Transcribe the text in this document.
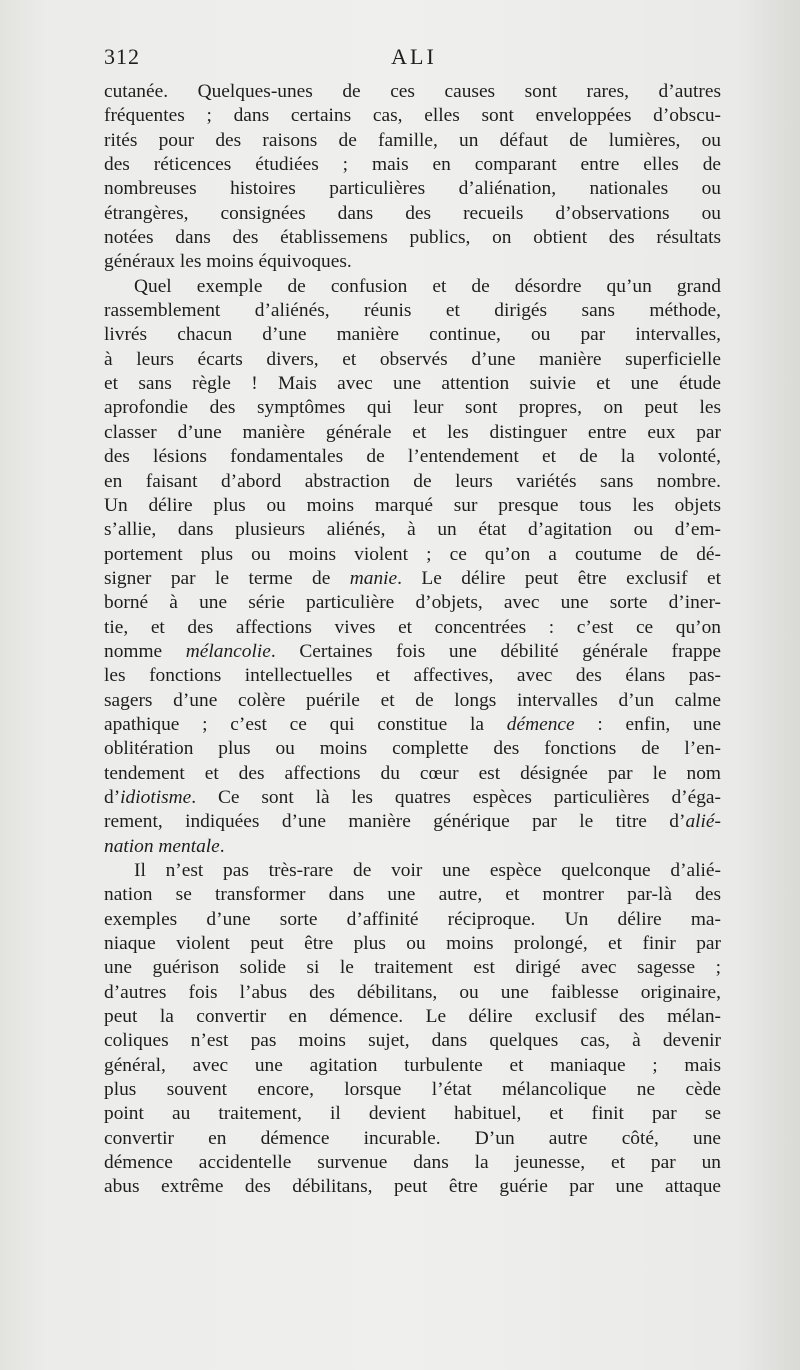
312	ALI
cutanée. Quelques-unes de ces causes sont rares, d’autres
fréquentes ; dans certains cas, elles sont enveloppées d’obscu-
rités pour des raisons de famille, un défaut de lumières, ou
des réticences étudiées ; mais en comparant entre elles de
nombreuses histoires particulières d’aliénation, nationales ou
étrangères, consignées dans des recueils d’observations ou
notées dans des établissemens publics, on obtient des résultats
généraux les moins équivoques.
Quel exemple de confusion et de désordre qu’un grand
rassemblement d’aliénés, réunis et dirigés sans méthode,
livrés chacun d’une manière continue, ou par intervalles,
à leurs écarts divers, et observés d’une manière superficielle
et sans règle ! Mais avec une attention suivie et une étude
aprofondie des symptômes qui leur sont propres, on peut les
classer d’une manière générale et les distinguer entre eux par
des lésions fondamentales de l’entendement et de la volonté,
en faisant d’abord abstraction de leurs variétés sans nombre.
Un délire plus ou moins marqué sur presque tous les objets
s’allie, dans plusieurs aliénés, à un état d’agitation ou d’em-
portement plus ou moins violent ; ce qu’on a coutume de dé-
signer par le terme de manie. Le délire peut être exclusif et
borné à une série particulière d’objets, avec une sorte d’iner-
tie, et des affections vives et concentrées : c’est ce qu’on
nomme mélancolie. Certaines fois une débilité générale frappe
les fonctions intellectuelles et affectives, avec des élans pas-
sagers d’une colère puérile et de longs intervalles d’un calme
apathique ; c’est ce qui constitue la démence : enfin, une
oblitération plus ou moins complette des fonctions de l’en-
tendement et des affections du cœur est désignée par le nom
d’idiotisme. Ce sont là les quatres espèces particulières d’éga-
rement, indiquées d’une manière générique par le titre d’alié-
nation mentale.
Il n’est pas très-rare de voir une espèce quelconque d’alié-
nation se transformer dans une autre, et montrer par-là des
exemples d’une sorte d’affinité réciproque. Un délire ma-
niaque violent peut être plus ou moins prolongé, et finir par
une guérison solide si le traitement est dirigé avec sagesse ;
d’autres fois l’abus des débilitans, ou une faiblesse originaire,
peut la convertir en démence. Le délire exclusif des mélan-
coliques n’est pas moins sujet, dans quelques cas, à devenir
général, avec une agitation turbulente et maniaque ; mais
plus souvent encore, lorsque l’état mélancolique ne cède
point au traitement, il devient habituel, et finit par se
convertir en démence incurable. D’un autre côté, une
démence accidentelle survenue dans la jeunesse, et par un
abus extrême des débilitans, peut être guérie par une attaque
